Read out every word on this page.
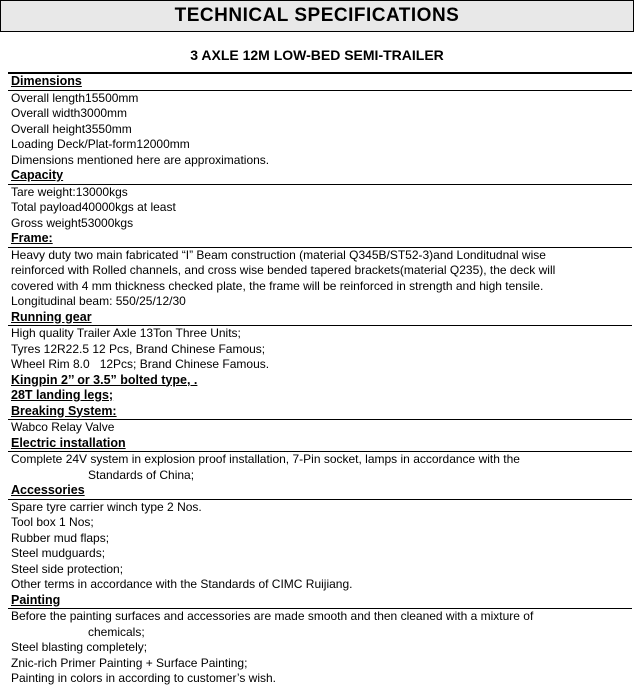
TECHNICAL SPECIFICATIONS
3 AXLE 12M LOW-BED SEMI-TRAILER
Dimensions
Overall length15500mm
Overall width3000mm
Overall height3550mm
Loading Deck/Plat-form12000mm
Dimensions mentioned here are approximations.
Capacity
Tare weight:13000kgs
Total payload40000kgs at least
Gross weight53000kgs
Frame:
Heavy duty two main fabricated “I” Beam construction (material Q345B/ST52-3)and Londitudnal wise
reinforced with Rolled channels, and cross wise bended tapered brackets(material Q235), the deck will
covered with 4 mm thickness checked plate, the frame will be reinforced in strength and high tensile.
Longitudinal beam: 550/25/12/30
Running gear
High quality Trailer Axle 13Ton Three Units;
Tyres 12R22.5 12 Pcs, Brand Chinese Famous;
Wheel Rim 8.0   12Pcs; Brand Chinese Famous.
Kingpin 2’’ or 3.5” bolted type, .
28T landing legs;
Breaking System:
Wabco Relay Valve
Electric installation
Complete 24V system in explosion proof installation, 7-Pin socket, lamps in accordance with the
Standards of China;
Accessories
Spare tyre carrier winch type 2 Nos.
Tool box 1 Nos;
Rubber mud flaps;
Steel mudguards;
Steel side protection;
Other terms in accordance with the Standards of CIMC Ruijiang.
Painting
Before the painting surfaces and accessories are made smooth and then cleaned with a mixture of
chemicals;
Steel blasting completely;
Znic-rich Primer Painting + Surface Painting;
Painting in colors in according to customer’s wish.
